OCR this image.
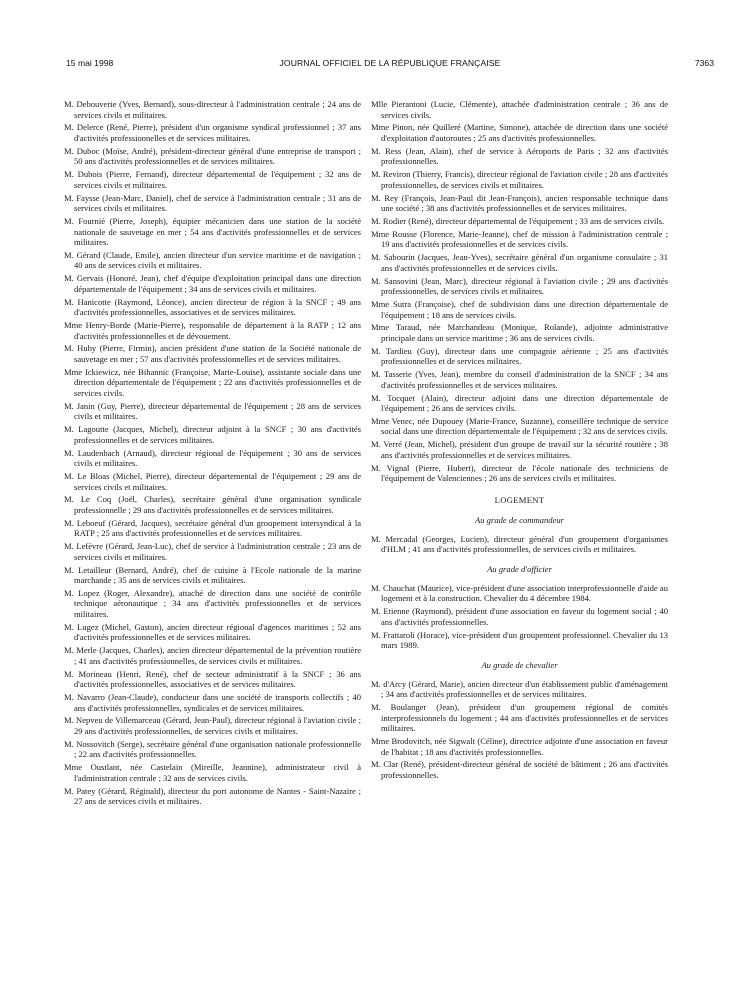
15 mai 1998	JOURNAL OFFICIEL DE LA RÉPUBLIQUE FRANÇAISE	7363

M. Debouverie (Yves, Bernard), sous-directeur à l'administration centrale ; 24 ans de services civils et militaires.

M. Delerce (René, Pierre), président d'un organisme syndical professionnel ; 37 ans d'activités professionnelles et de services militaires.

M. Duboc (Moïse, André), président-directeur général d'une entreprise de transport ; 50 ans d'activités professionnelles et de services militaires.

M. Dubois (Pierre, Fernand), directeur départemental de l'équipement ; 32 ans de services civils et militaires.

M. Faysse (Jean-Marc, Daniel), chef de service à l'administration centrale ; 31 ans de services civils et militaires.

M. Fournié (Pierre, Joseph), équipier mécanicien dans une station de la société nationale de sauvetage en mer ; 54 ans d'activités professionnelles et de services militaires.

M. Gérard (Claude, Emile), ancien directeur d'un service maritime et de navigation ; 40 ans de services civils et militaires.

M. Gervais (Honoré, Jean), chef d'équipe d'exploitation principal dans une direction départementale de l'équipement ; 34 ans de services civils et militaires.

M. Hanicotte (Raymond, Léonce), ancien directeur de région à la SNCF ; 49 ans d'activités professionnelles, associatives et de services militaires.

Mme Henry-Borde (Marie-Pierre), responsable de département à la RATP ; 12 ans d'activités professionnelles et de dévouement.

M. Huby (Pierre, Firmin), ancien président d'une station de la Société nationale de sauvetage en mer ; 57 ans d'activités professionnelles et de services militaires.

Mme Ickiewicz, née Bihannic (Françoise, Marie-Louise), assistante sociale dans une direction départementale de l'équipement ; 22 ans d'activités professionnelles et de services civils.

M. Janin (Guy, Pierre), directeur départemental de l'équipement ; 28 ans de services civils et militaires.

M. Lagoutte (Jacques, Michel), directeur adjoint à la SNCF ; 30 ans d'activités professionnelles et de services militaires.

M. Laudenbach (Arnaud), directeur régional de l'équipement ; 30 ans de services civils et militaires.

M. Le Bloas (Michel, Pierre), directeur départemental de l'équipement ; 29 ans de services civils et militaires.

M. Le Coq (Joël, Charles), secrétaire général d'une organisation syndicale professionnelle ; 29 ans d'activités professionnelles et de services militaires.

M. Leboeuf (Gérard, Jacques), secrétaire général d'un groupement intersyndical à la RATP ; 25 ans d'activités professionnelles et de services militaires.

M. Lefèvre (Gérard, Jean-Luc), chef de service à l'administration centrale ; 23 ans de services civils et militaires.

M. Letailleur (Bernard, André), chef de cuisine à l'Ecole nationale de la marine marchande ; 35 ans de services civils et militaires.

M. Lopez (Roger, Alexandre), attaché de direction dans une société de contrôle technique aéronautique ; 34 ans d'activités professionnelles et de services militaires.

M. Lugez (Michel, Gaston), ancien directeur régional d'agences maritimes ; 52 ans d'activités professionnelles et de services militaires.

M. Merle (Jacques, Charles), ancien directeur départemental de la prévention routière ; 41 ans d'activités professionnelles, de services civils et militaires.

M. Morineau (Henri, René), chef de secteur administratif à la SNCF ; 36 ans d'activités professionnelles, associatives et de services militaires.

M. Navarro (Jean-Claude), conducteur dans une société de transports collectifs ; 40 ans d'activités professionnelles, syndicales et de services militaires.

M. Nepveu de Villemarceau (Gérard, Jean-Paul), directeur régional à l'aviation civile ; 29 ans d'activités professionnelles, de services civils et militaires.

M. Nossovitch (Serge), secrétaire général d'une organisation nationale professionnelle ; 22 ans d'activités professionnelles.

Mme Oustlant, née Castelain (Mireille, Jeannine), administrateur civil à l'administration centrale ; 32 ans de services civils.

M. Patey (Gérard, Réginald), directeur du port autonome de Nantes - Saint-Nazaire ; 27 ans de services civils et militaires.

Mlle Pierantoni (Lucie, Clémente), attachée d'administration centrale ; 36 ans de services civils.

Mme Pinon, née Quilleré (Martine, Simone), attachée de direction dans une société d'exploitation d'autoroutes ; 25 ans d'activités professionnelles.

M. Ress (Jean, Alain), chef de service à Aéroports de Paris ; 32 ans d'activités professionnelles.

M. Reviron (Thierry, Francis), directeur régional de l'aviation civile ; 28 ans d'activités professionnelles, de services civils et militaires.

M. Rey (François, Jean-Paul dit Jean-François), ancien responsable technique dans une société ; 38 ans d'activités professionnelles et de services militaires.

M. Rodier (René), directeur départemental de l'équipement ; 33 ans de services civils.

Mme Rousse (Florence, Marie-Jeanne), chef de mission à l'administration centrale ; 19 ans d'activités professionnelles et de services civils.

M. Sabourin (Jacques, Jean-Yves), secrétaire général d'un organisme consulaire ; 31 ans d'activités professionnelles et de services civils.

M. Sansovini (Jean, Marc), directeur régional à l'aviation civile ; 29 ans d'activités professionnelles, de services civils et militaires.

Mme Sutra (Françoise), chef de subdivision dans une direction départementale de l'équipement ; 18 ans de services civils.

Mme Taraud, née Marchandeau (Monique, Rolande), adjointe administrative principale dans un service maritime ; 36 ans de services civils.

M. Tardieu (Guy), directeur dans une compagnie aérienne ; 25 ans d'activités professionnelles et de services militaires.

M. Tasserie (Yves, Jean), membre du conseil d'administration de la SNCF ; 34 ans d'activités professionnelles et de services militaires.

M. Tocquet (Alain), directeur adjoint dans une direction départementale de l'équipement ; 26 ans de services civils.

Mme Venec, née Dupouey (Marie-France, Suzanne), conseillère technique de service social dans une direction départementale de l'équipement ; 32 ans de services civils.

M. Verré (Jean, Michel), président d'un groupe de travail sur la sécurité routière ; 38 ans d'activités professionnelles et de services militaires.

M. Vignal (Pierre, Hubert), directeur de l'école nationale des techniciens de l'équipement de Valenciennes ; 26 ans de services civils et militaires.

LOGEMENT
Au grade de commandeur

M. Mercadal (Georges, Lucien), directeur général d'un groupement d'organismes d'HLM ; 41 ans d'activités professionnelles, de services civils et militaires.

Au grade d'officier

M. Chauchat (Maurice), vice-président d'une association interprofessionnelle d'aide au logement et à la construction. Chevalier du 4 décembre 1984.

M. Etienne (Raymond), président d'une association en faveur du logement social ; 40 ans d'activités professionnelles.

M. Frattaroli (Horace), vice-président d'un groupement professionnel. Chevalier du 13 mars 1989.

Au grade de chevalier

M. d'Arcy (Gérard, Marie), ancien directeur d'un établissement public d'aménagement ; 34 ans d'activités professionnelles et de services militaires.

M. Boulanger (Jean), président d'un groupement régional de comités interprofessionnels du logement ; 44 ans d'activités professionnelles et de services militaires.

Mme Brodovitch, née Sigwalt (Céline), directrice adjointe d'une association en faveur de l'habitat ; 18 ans d'activités professionnelles.

M. Clar (René), président-directeur général de société de bâtiment ; 26 ans d'activités professionnelles.
